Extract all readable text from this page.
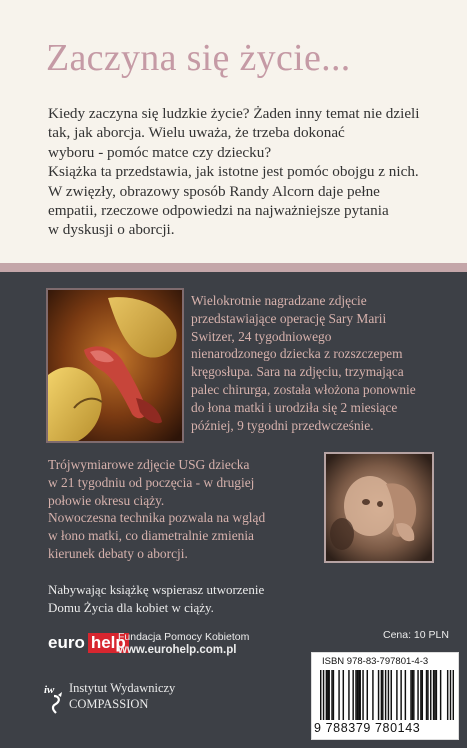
Zaczyna się życie...

Kiedy zaczyna się ludzkie życie? Żaden inny temat nie dzieli

tak, jak aborcja. Wielu uważa, że trzeba dokonać

wyboru - pomóc matce czy dziecku?

Książka ta przedstawia, jak istotne jest pomóc obojgu z nich.

W zwięzły, obrazowy sposób Randy Alcorn daje pełne

empatii, rzeczowe odpowiedzi na najważniejsze pytania

w dyskusji o aborcji.

Wielokrotnie nagradzane zdjęcie

przedstawiające operację Sary Marii

Switzer, 24 tygodniowego

nienarodzonego dziecka z rozszczepem

kręgosłupa. Sara na zdjęciu, trzymająca

palec chirurga, została włożona ponownie

do łona matki i urodziła się 2 miesiące

później, 9 tygodni przedwcześnie.

Trójwymiarowe zdjęcie USG dziecka

w 21 tygodniu od poczęcia - w drugiej

połowie okresu ciąży.

Nowoczesna technika pozwala na wgląd

w łono matki, co diametralnie zmienia

kierunek debaty o aborcji.

Nabywając książkę wspierasz utworzenie

Domu Życia dla kobiet w ciąży.

euro help
Fundacja Pomocy Kobietom
www.eurohelp.com.pl
iw Instytut Wydawniczy
COMPASSION
Cena: 10 PLN
ISBN 978-83-797801-4-3
9 788379 780143
